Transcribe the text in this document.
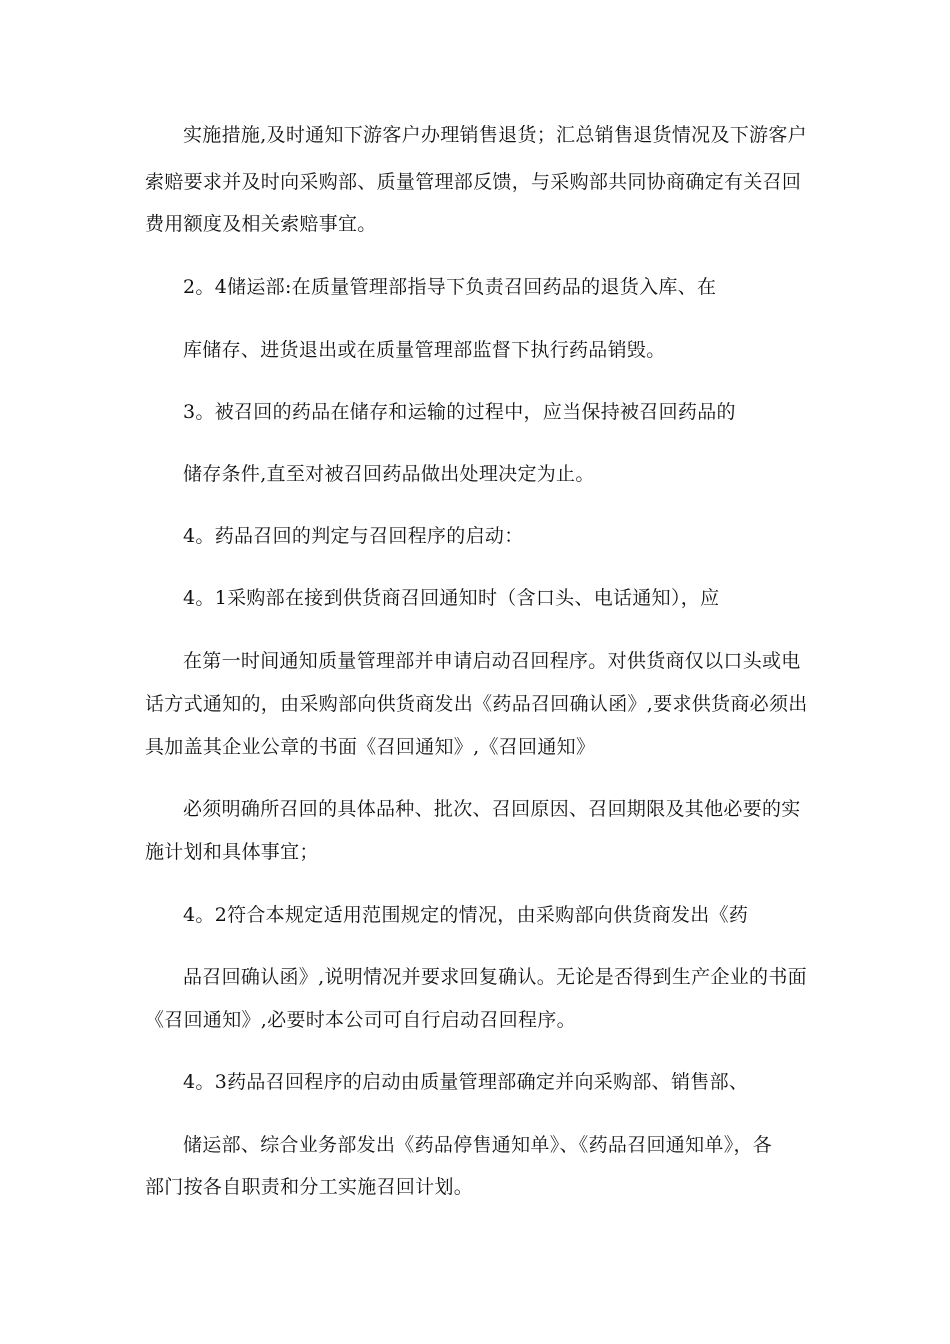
实施措施,及时通知下游客户办理销售退货；汇总销售退货情况及下游客户
索赔要求并及时向采购部、质量管理部反馈，与采购部共同协商确定有关召回
费用额度及相关索赔事宜。
2。4储运部:在质量管理部指导下负责召回药品的退货入库、在
库储存、进货退出或在质量管理部监督下执行药品销毁。
3。被召回的药品在储存和运输的过程中，应当保持被召回药品的
储存条件,直至对被召回药品做出处理决定为止。
4。药品召回的判定与召回程序的启动：
4。1采购部在接到供货商召回通知时（含口头、电话通知），应
在第一时间通知质量管理部并申请启动召回程序。对供货商仅以口头或电
话方式通知的，由采购部向供货商发出《药品召回确认函》,要求供货商必须出
具加盖其企业公章的书面《召回通知》,《召回通知》
必须明确所召回的具体品种、批次、召回原因、召回期限及其他必要的实
施计划和具体事宜；
4。2符合本规定适用范围规定的情况，由采购部向供货商发出《药
品召回确认函》,说明情况并要求回复确认。无论是否得到生产企业的书面
《召回通知》,必要时本公司可自行启动召回程序。
4。3药品召回程序的启动由质量管理部确定并向采购部、销售部、
储运部、综合业务部发出《药品停售通知单》、《药品召回通知单》，各
部门按各自职责和分工实施召回计划。
